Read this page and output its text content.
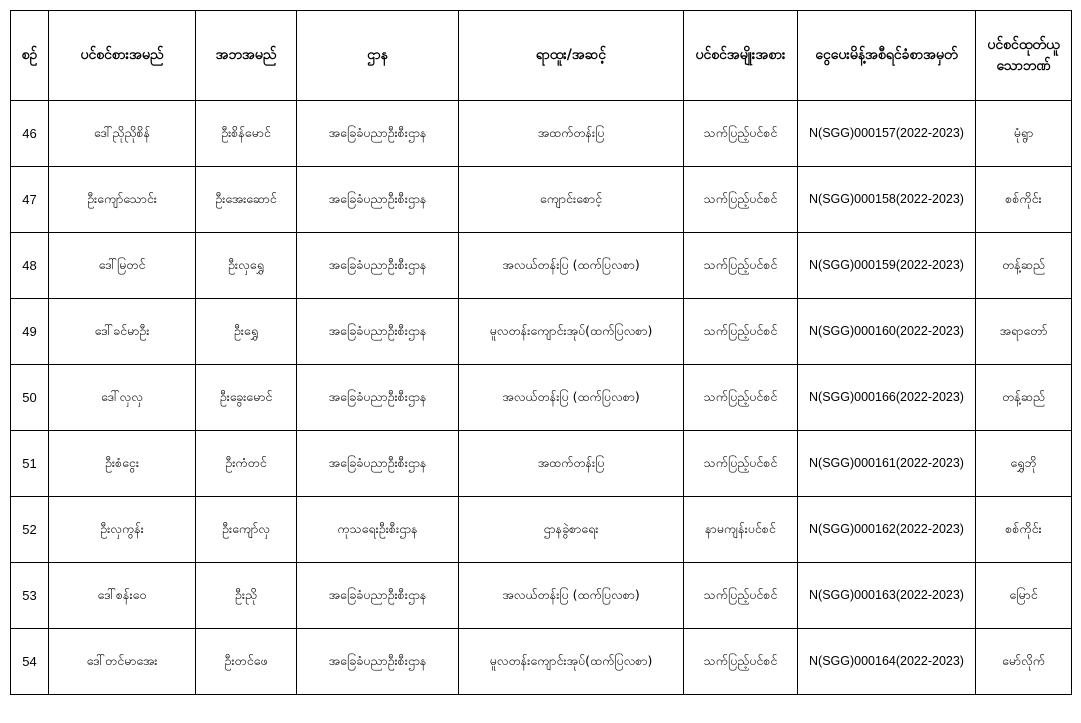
စဉ်	ပင်စင်စားအမည်	အဘအမည်	ဌာန	ရာထူး/အဆင့်	ပင်စင်အမျိုးအစား	ငွေပေးမိန့်အစီရင်ခံစာအမှတ်	ပင်စင်ထုတ်ယူသောဘဏ်
46	ဒေါ်ညိုညိုစိန်	ဦးစိန်မောင်	အခြေခံပညာဦးစီးဌာန	အထက်တန်းပြ	သက်ပြည့်ပင်စင်	N(SGG)000157(2022-2023)	မုံရွာ
47	ဦးကျော်သောင်း	ဦးအေးဆောင်	အခြေခံပညာဦးစီးဌာန	ကျောင်းစောင့်	သက်ပြည့်ပင်စင်	N(SGG)000158(2022-2023)	စစ်ကိုင်း
48	ဒေါ်မြတင်	ဦးလှရွှေ	အခြေခံပညာဦးစီးဌာန	အလယ်တန်းပြ (ထက်ပြလစာ)	သက်ပြည့်ပင်စင်	N(SGG)000159(2022-2023)	တန့်ဆည်
49	ဒေါ်ခင်မာဦး	ဦးရွှေ	အခြေခံပညာဦးစီးဌာန	မူလတန်းကျောင်းအုပ်(ထက်ပြလစာ)	သက်ပြည့်ပင်စင်	N(SGG)000160(2022-2023)	အရာတော်
50	ဒေါ်လှလှ	ဦးခွေးမောင်	အခြေခံပညာဦးစီးဌာန	အလယ်တန်းပြ (ထက်ပြလစာ)	သက်ပြည့်ပင်စင်	N(SGG)000166(2022-2023)	တန့်ဆည်
51	ဦးစံငွေး	ဦးကံတင်	အခြေခံပညာဦးစီးဌာန	အထက်တန်းပြ	သက်ပြည့်ပင်စင်	N(SGG)000161(2022-2023)	ရွှေဘို
52	ဦးလှကွန်း	ဦးကျော်လှ	ကုသရေးဦးစီးဌာန	ဌာနခွဲစာရေး	နာမကျန်းပင်စင်	N(SGG)000162(2022-2023)	စစ်ကိုင်း
53	ဒေါ်စန်းဝေ	ဦးညို	အခြေခံပညာဦးစီးဌာန	အလယ်တန်းပြ (ထက်ပြလစာ)	သက်ပြည့်ပင်စင်	N(SGG)000163(2022-2023)	မြောင်
54	ဒေါ်တင်မာအေး	ဦးတင်ဖေ	အခြေခံပညာဦးစီးဌာန	မူလတန်းကျောင်းအုပ်(ထက်ပြလစာ)	သက်ပြည့်ပင်စင်	N(SGG)000164(2022-2023)	မော်လိုက်
